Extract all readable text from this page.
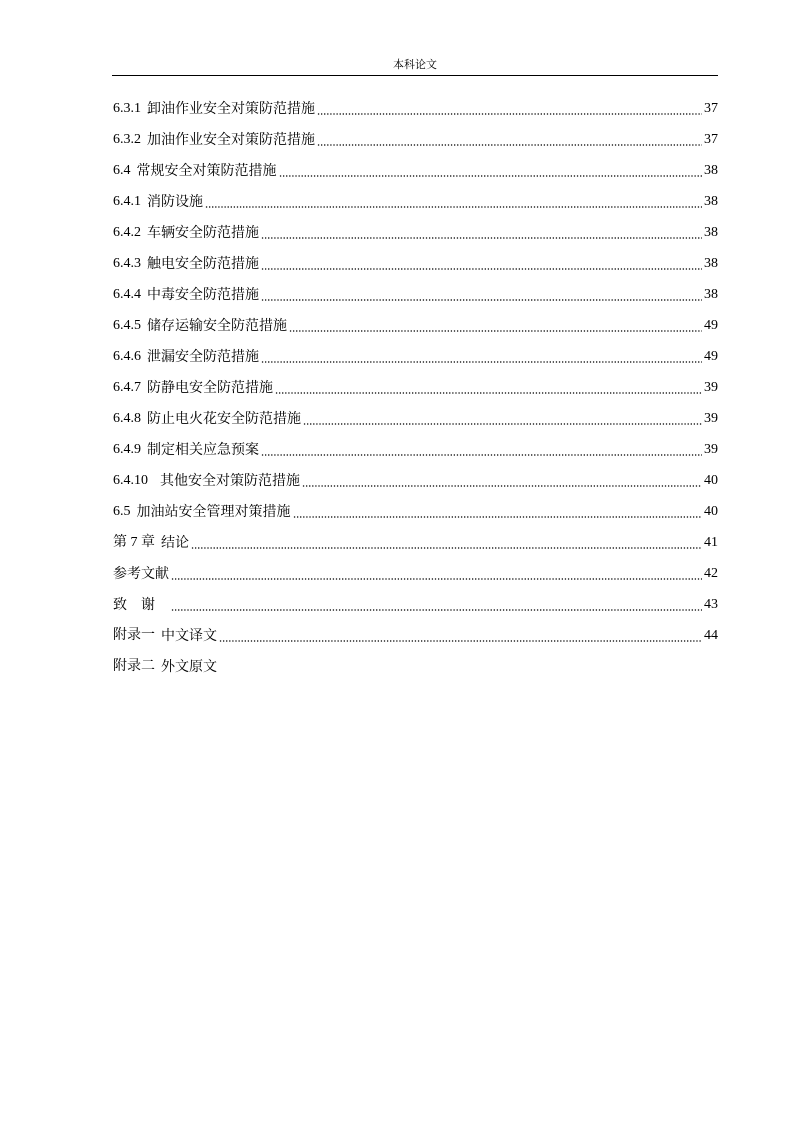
本科论文
6.3.1 卸油作业安全对策防范措施	37
6.3.2 加油作业安全对策防范措施	37
6.4 常规安全对策防范措施	38
6.4.1 消防设施	38
6.4.2 车辆安全防范措施	38
6.4.3 触电安全防范措施	38
6.4.4 中毒安全防范措施	38
6.4.5 储存运输安全防范措施	49
6.4.6 泄漏安全防范措施	49
6.4.7 防静电安全防范措施	39
6.4.8 防止电火花安全防范措施	39
6.4.9 制定相关应急预案	39
6.4.10 其他安全对策防范措施	40
6.5 加油站安全管理对策措施	40
第 7 章 结论	41
参考文献	42
致谢	43
附录一 中文译文	44
附录二 外文原文
